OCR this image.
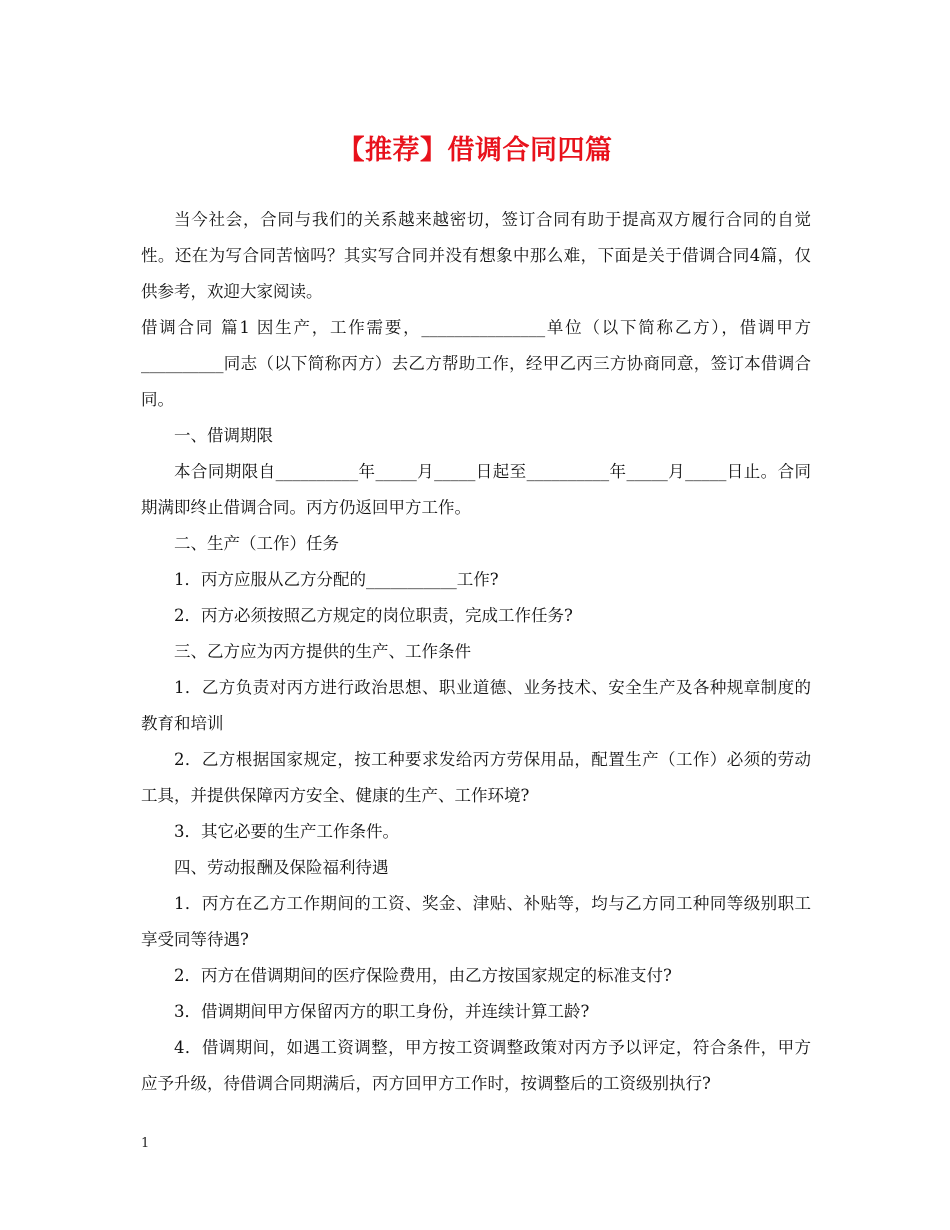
【推荐】借调合同四篇

当今社会，合同与我们的关系越来越密切，签订合同有助于提高双方履行合同的自觉性。还在为写合同苦恼吗？其实写合同并没有想象中那么难，下面是关于借调合同4篇，仅供参考，欢迎大家阅读。

借调合同 篇1 因生产，工作需要，_______________单位（以下简称乙方），借调甲方__________同志（以下简称丙方）去乙方帮助工作，经甲乙丙三方协商同意，签订本借调合同。

一、借调期限

本合同期限自__________年_____月_____日起至__________年_____月_____日止。合同期满即终止借调合同。丙方仍返回甲方工作。

二、生产（工作）任务

1．丙方应服从乙方分配的___________工作?

2．丙方必须按照乙方规定的岗位职责，完成工作任务?

三、乙方应为丙方提供的生产、工作条件

1．乙方负责对丙方进行政治思想、职业道德、业务技术、安全生产及各种规章制度的教育和培训

2．乙方根据国家规定，按工种要求发给丙方劳保用品，配置生产（工作）必须的劳动工具，并提供保障丙方安全、健康的生产、工作环境?

3．其它必要的生产工作条件。

四、劳动报酬及保险福利待遇

1．丙方在乙方工作期间的工资、奖金、津贴、补贴等，均与乙方同工种同等级别职工享受同等待遇?

2．丙方在借调期间的医疗保险费用，由乙方按国家规定的标准支付?

3．借调期间甲方保留丙方的职工身份，并连续计算工龄?

4．借调期间，如遇工资调整，甲方按工资调整政策对丙方予以评定，符合条件，甲方应予升级，待借调合同期满后，丙方回甲方工作时，按调整后的工资级别执行?

1
